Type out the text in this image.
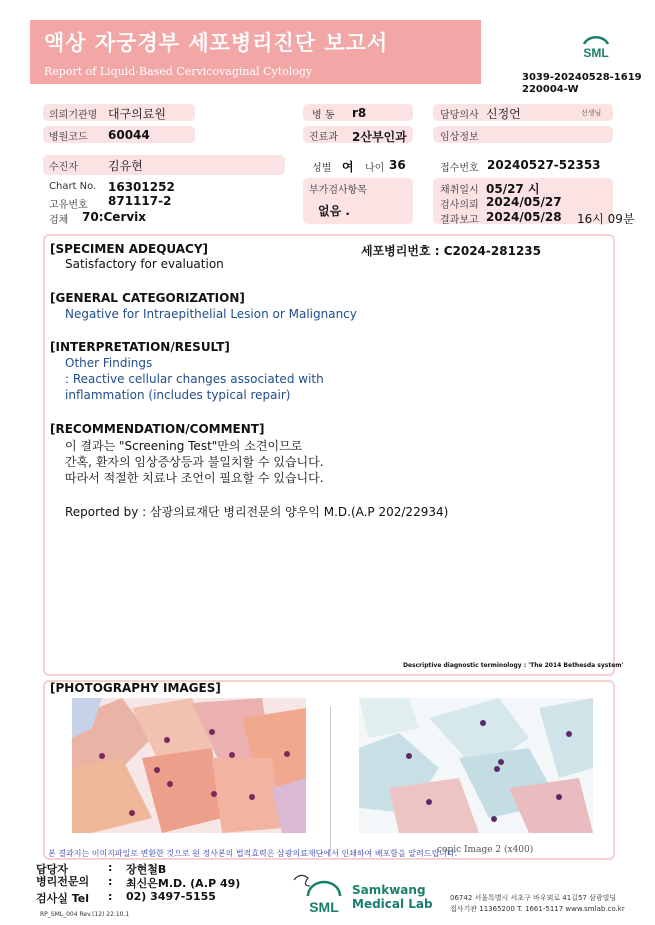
액상 자궁경부 세포병리진단 보고서
Report of Liquid-Based Cervicovaginal Cytology
SML
3039-20240528-1619
220004-W
의뢰기관명 대구의료원	병 동 r8	담당의사 신정언	선생님
병원코드 60044	진료과 2산부인과	임상정보
수진자	김유현	성별 여 나이 36	접수번호 20240527-52353
Chart No. 16301252
고유번호 871117-2
검체 70:Cervix
부가검사항목
없음 .
채취일시 05/27 시
검사의뢰 2024/05/27
결과보고 2024/05/28 16시 09분
[SPECIMEN ADEQUACY]	세포병리번호 : C2024-281235
Satisfactory for evaluation
[GENERAL CATEGORIZATION]
Negative for Intraepithelial Lesion or Malignancy
[INTERPRETATION/RESULT]
Other Findings
: Reactive cellular changes associated with
inflammation (includes typical repair)
[RECOMMENDATION/COMMENT]
이 결과는 "Screening Test"만의 소견이므로
간혹, 환자의 임상증상등과 불일치할 수 있습니다.
따라서 적절한 치료나 조언이 필요할 수 있습니다.
Reported by : 삼광의료재단 병리전문의 양우익 M.D.(A.P 202/22934)
Descriptive diagnostic terminology : 'The 2014 Bethesda system'
[PHOTOGRAPHY IMAGES]
본 결과지는 이미지파일로 변환한 것으로 원 정사본의 법적효력은 삼광의료재단에서 인쇄하여 배포함을 알려드립니다.
copic Image 2 (x400)
담당자	: 장현철B
병리전문의 : 최신은M.D. (A.P 49)
검사실 Tel : 02) 3497-5155
RP_SML_004 Rev.(12) 22.10.1	SML
Samkwang
Medical Lab 06742 서울특별시 서초구 바우뫼로 41길57 삼광빌딩
접사기관 11365200 T. 1661-5117 www.smlab.co.kr
